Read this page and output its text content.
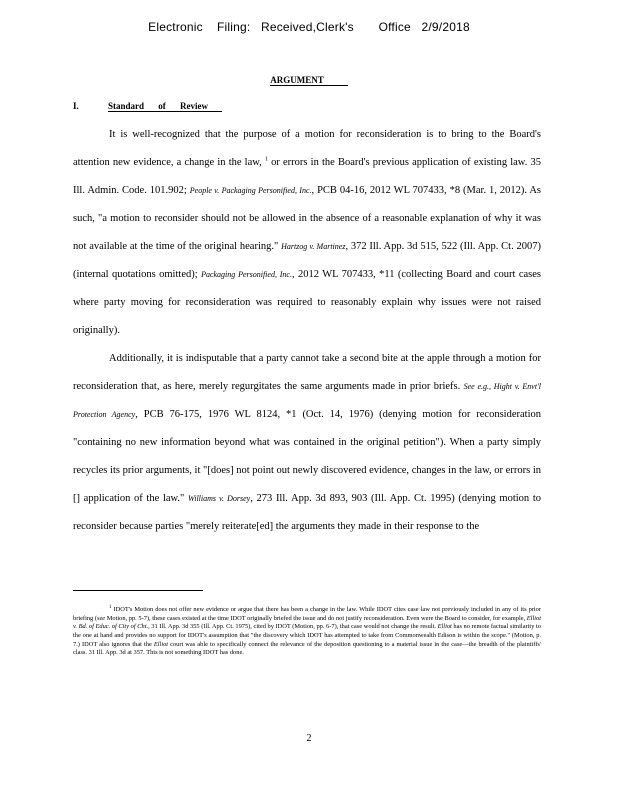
Electronic    Filing:   Received,Clerk's       Office   2/9/2018
ARGUMENT
I.	Standard of Review

It is well-recognized that the purpose of a motion for reconsideration is to bring to the Board's attention new evidence, a change in the law, $^1$ or errors in the Board's previous application of existing law. 35 Ill. Admin. Code. 101.902; People v. Packaging Personified, Inc., PCB 04-16, 2012 WL 707433, *8 (Mar. 1, 2012). As such, "a motion to reconsider should not be allowed in the absence of a reasonable explanation of why it was not available at the time of the original hearing." Hartzog v. Martinez, 372 Ill. App. 3d 515, 522 (Ill. App. Ct. 2007) (internal quotations omitted); Packaging Personified, Inc., 2012 WL 707433, *11 (collecting Board and court cases where party moving for reconsideration was required to reasonably explain why issues were not raised originally).

Additionally, it is indisputable that a party cannot take a second bite at the apple through a motion for reconsideration that, as here, merely regurgitates the same arguments made in prior briefs. See e.g., Hight v. Envt'l Protection Agency, PCB 76-175, 1976 WL 8124, *1 (Oct. 14, 1976) (denying motion for reconsideration "containing no new information beyond what was contained in the original petition"). When a party simply recycles its prior arguments, it "[does] not point out newly discovered evidence, changes in the law, or errors in [] application of the law." Williams v. Dorsey, 273 Ill. App. 3d 893, 903 (Ill. App. Ct. 1995) (denying motion to reconsider because parties "merely reiterate[ed] the arguments they made in their response to the

$^1$ IDOT's Motion does not offer new evidence or argue that there has been a change in the law. While IDOT cites case law not previously included in any of its prior briefing (see Motion, pp. 5-7), these cases existed at the time IDOT originally briefed the issue and do not justify reconsideration. Even were the Board to consider, for example, Elliot v. Bd. of Educ. of City of Chi., 31 Ill. App. 3d 355 (Ill. App. Ct. 1975), cited by IDOT (Motion, pp. 6-7), that case would not change the result. Elliot has no remote factual similarity to the one at hand and provides no support for IDOT's assumption that "the discovery which IDOT has attempted to take from Commonwealth Edison is within the scope." (Motion, p. 7.) IDOT also ignores that the Elliot court was able to specifically connect the relevance of the deposition questioning to a material issue in the case—the breadth of the plaintiffs' class. 31 Ill. App. 3d at 357. This is not something IDOT has done.

2
